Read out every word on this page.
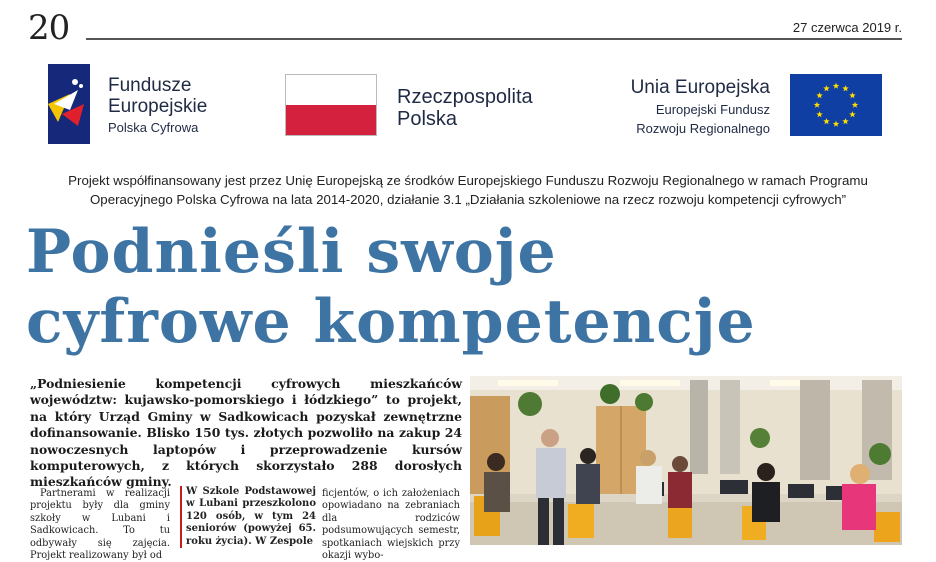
20	27 czerwca 2019 r.
Fundusze
Europejskie
Polska Cyfrowa
Rzeczpospolita
Polska
Unia Europejska
Europejski Fundusz
Rozwoju Regionalnego
Projekt współfinansowany jest przez Unię Europejską ze środków Europejskiego Funduszu Rozwoju Regionalnego w ramach Programu
Operacyjnego Polska Cyfrowa na lata 2014-2020, działanie 3.1 „Działania szkoleniowe na rzecz rozwoju kompetencji cyfrowych”
Podnieśli swoje
cyfrowe kompetencje
„Podniesienie kompetencji cyfrowych mieszkańców województw: kujawsko-pomorskiego i łódzkiego” to projekt, na który Urząd Gminy w Sadkowicach pozyskał zewnętrzne dofinansowanie. Blisko 150 tys. złotych pozwoliło na zakup 24 nowoczesnych laptopów i przeprowadzenie kursów komputerowych, z których skorzystało 288 dorosłych mieszkańców gminy.

Partnerami w realizacji projektu były dla gminy szkoły w Lubani i Sadkowicach. To tu odbywały się zajęcia. Projekt realizowany był od

W Szkole Podstawowej w Lubani przeszkolono 120 osób, w tym 24 seniorów (powyżej 65. roku życia). W Zespole
ficjentów, o ich założeniach opowiadano na zebraniach dla rodziców podsumowujących semestr, spotkaniach wiejskich przy okazji wybo-
